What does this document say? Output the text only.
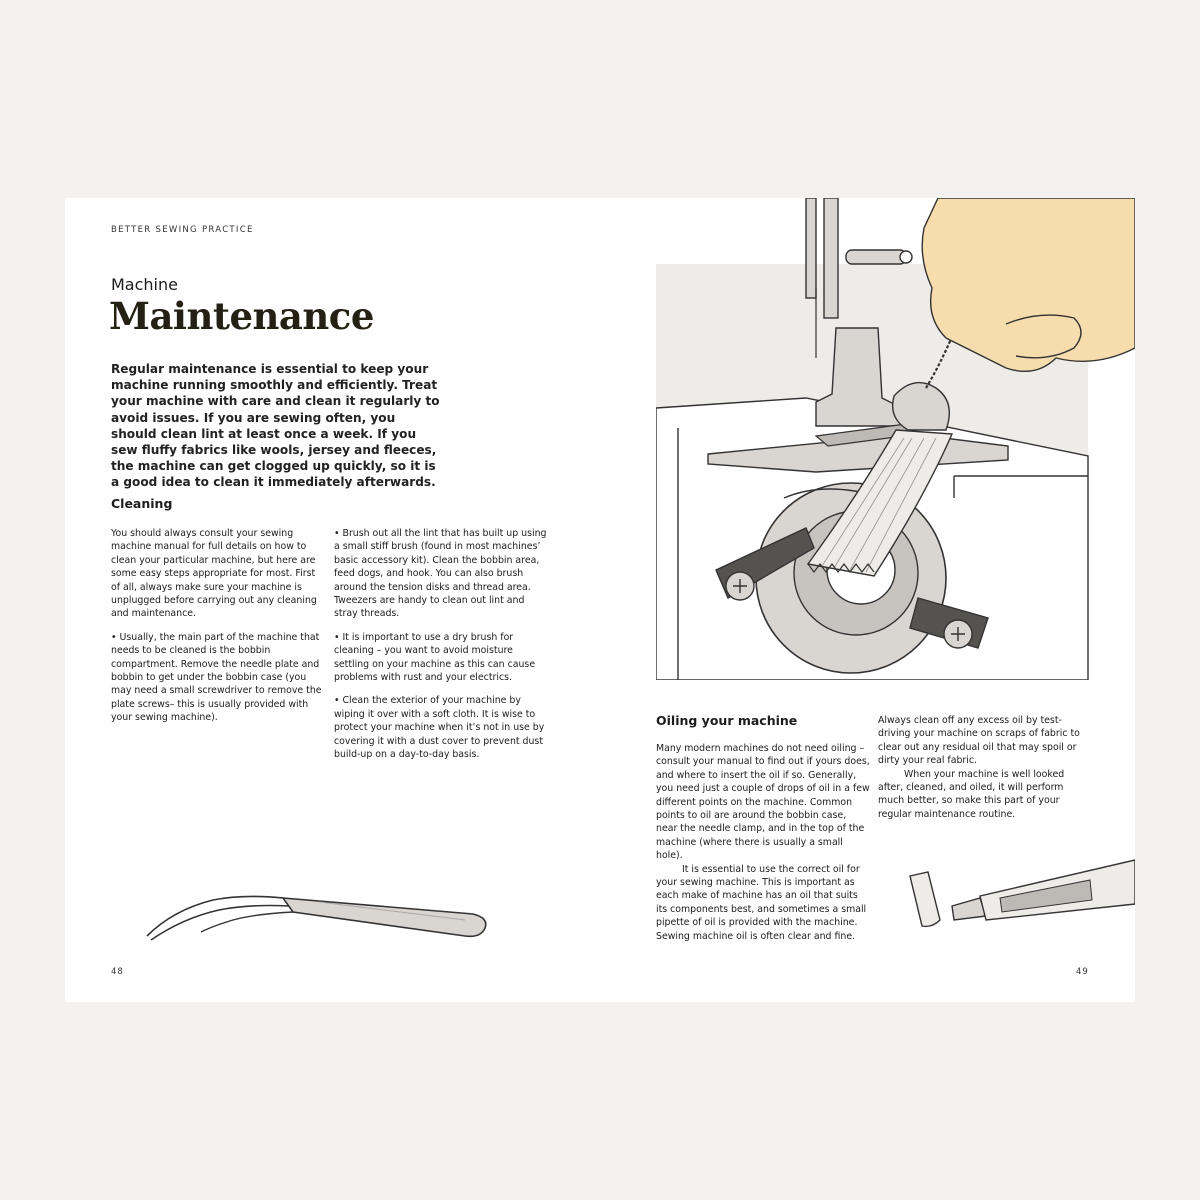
BETTER SEWING PRACTICE
Machine
Maintenance

Regular maintenance is essential to keep your machine running smoothly and efficiently. Treat your machine with care and clean it regularly to avoid issues. If you are sewing often, you should clean lint at least once a week. If you sew fluffy fabrics like wools, jersey and fleeces, the machine can get clogged up quickly, so it is a good idea to clean it immediately afterwards.

Cleaning

You should always consult your sewing machine manual for full details on how to clean your particular machine, but here are some easy steps appropriate for most. First of all, always make sure your machine is unplugged before carrying out any cleaning and maintenance.

• Usually, the main part of the machine that needs to be cleaned is the bobbin compartment. Remove the needle plate and bobbin to get under the bobbin case (you may need a small screwdriver to remove the plate screws– this is usually provided with your sewing machine).

• Brush out all the lint that has built up using a small stiff brush (found in most machines’ basic accessory kit). Clean the bobbin area, feed dogs, and hook. You can also brush around the tension disks and thread area. Tweezers are handy to clean out lint and stray threads.

• It is important to use a dry brush for cleaning – you want to avoid moisture settling on your machine as this can cause problems with rust and your electrics.

• Clean the exterior of your machine by wiping it over with a soft cloth. It is wise to protect your machine when it’s not in use by covering it with a dust cover to prevent dust build-up on a day-to-day basis.

48
Oiling your machine

Many modern machines do not need oiling – consult your manual to find out if yours does, and where to insert the oil if so. Generally, you need just a couple of drops of oil in a few different points on the machine. Common points to oil are around the bobbin case, near the needle clamp, and in the top of the machine (where there is usually a small hole).

It is essential to use the correct oil for your sewing machine. This is important as each make of machine has an oil that suits its components best, and sometimes a small pipette of oil is provided with the machine. Sewing machine oil is often clear and fine.

Always clean off any excess oil by test-driving your machine on scraps of fabric to clear out any residual oil that may spoil or dirty your real fabric.

When your machine is well looked after, cleaned, and oiled, it will perform much better, so make this part of your regular maintenance routine.

49
